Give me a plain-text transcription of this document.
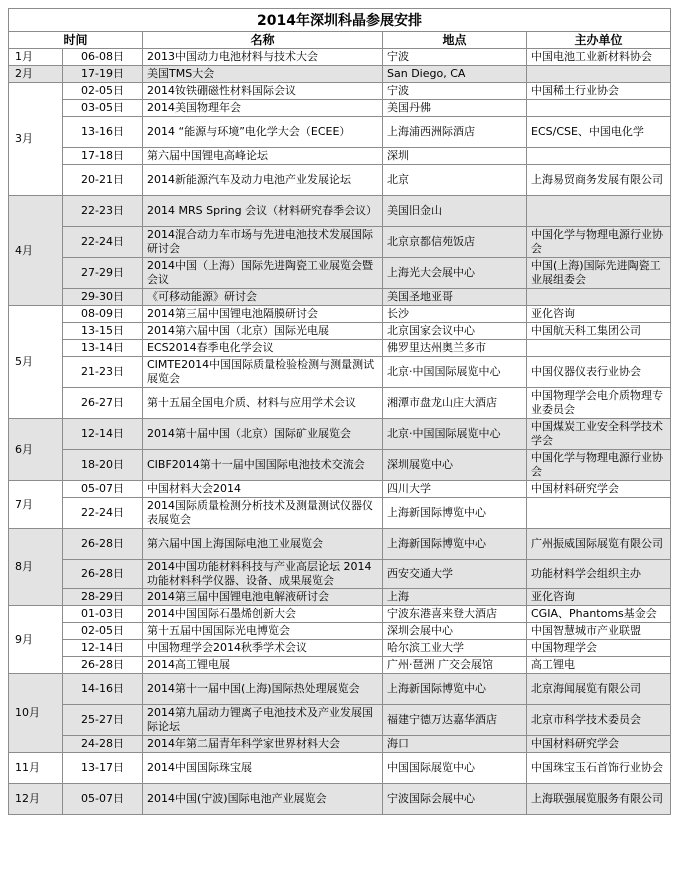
2014年深圳科晶参展安排				
时间		名称	地点	主办单位
1月	06-08日	2013中国动力电池材料与技术大会	宁波	中国电池工业新材料协会
2月	17-19日	美国TMS大会	San Diego, CA	
3月	02-05日	2014钕铁硼磁性材料国际会议	宁波	中国稀土行业协会
	03-05日	2014美国物理年会	美国丹佛	
	13-16日	2014 “能源与环境”电化学大会（ECEE）	上海浦西洲际酒店	ECS/CSE、中国电化学
	17-18日	第六届中国锂电高峰论坛	深圳	
	20-21日	2014新能源汽车及动力电池产业发展论坛	北京	上海易贸商务发展有限公司
4月	22-23日	2014 MRS Spring 会议（材料研究春季会议）	美国旧金山	
	22-24日	2014混合动力车市场与先进电池技术发展国际研讨会	北京京都信苑饭店	中国化学与物理电源行业协会
	27-29日	2014中国（上海）国际先进陶瓷工业展览会暨会议	上海光大会展中心	中国(上海)国际先进陶瓷工业展组委会
	29-30日	《可移动能源》研讨会	美国圣地亚哥	
5月	08-09日	2014第三届中国锂电池隔膜研讨会	长沙	亚化咨询
	13-15日	2014第六届中国（北京）国际光电展	北京国家会议中心	中国航天科工集团公司
	13-14日	ECS2014春季电化学会议	佛罗里达州奥兰多市	
	21-23日	CIMTE2014中国国际质量检验检测与测量测试展览会	北京·中国国际展览中心	中国仪器仪表行业协会
	26-27日	第十五届全国电介质、材料与应用学术会议	湘潭市盘龙山庄大酒店	中国物理学会电介质物理专业委员会
6月	12-14日	2014第十届中国（北京）国际矿业展览会	北京·中国国际展览中心	中国煤炭工业安全科学技术学会
	18-20日	CIBF2014第十一届中国国际电池技术交流会	深圳展览中心	中国化学与物理电源行业协会
7月	05-07日	中国材料大会2014	四川大学	中国材料研究学会
	22-24日	2014国际质量检测分析技术及测量测试仪器仪表展览会	上海新国际博览中心	
8月	26-28日	第六届中国上海国际电池工业展览会	上海新国际博览中心	广州振威国际展览有限公司
	26-28日	2014中国功能材料科技与产业高层论坛 2014功能材料科学仪器、设备、成果展览会	西安交通大学	功能材料学会组织主办
	28-29日	2014第三届中国锂电池电解液研讨会	上海	亚化咨询
9月	01-03日	2014中国国际石墨烯创新大会	宁波东港喜来登大酒店	CGIA、Phantoms基金会
	02-05日	第十五届中国国际光电博览会	深圳会展中心	中国智慧城市产业联盟
	12-14日	中国物理学会2014秋季学术会议	哈尔滨工业大学	中国物理学会
	26-28日	2014高工锂电展	广州·琶洲 广交会展馆	高工锂电
10月	14-16日	2014第十一届中国(上海)国际热处理展览会	上海新国际博览中心	北京海闻展览有限公司
	25-27日	2014第九届动力锂离子电池技术及产业发展国际论坛	福建宁德万达嘉华酒店	北京市科学技术委员会
	24-28日	2014年第二届青年科学家世界材料大会	海口	中国材料研究学会
11月	13-17日	2014中国国际珠宝展	中国国际展览中心	中国珠宝玉石首饰行业协会
12月	05-07日	2014中国(宁波)国际电池产业展览会	宁波国际会展中心	上海联强展览服务有限公司
